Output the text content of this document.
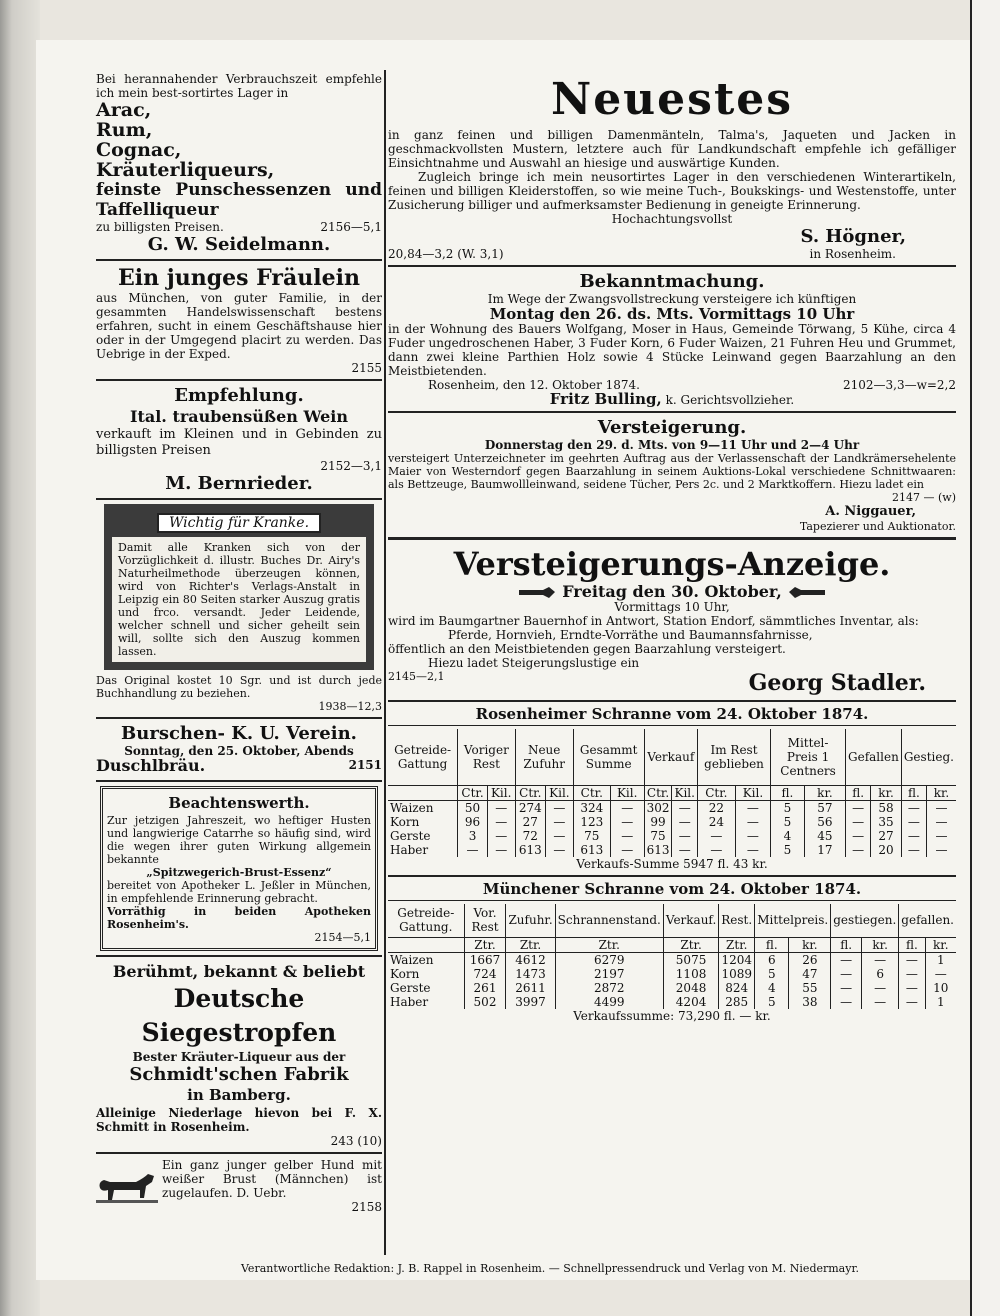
Bei herannahender Verbrauchszeit empfehle ich mein best-sortirtes Lager in

Arac,

Rum,

Cognac,

Kräuterliqueurs,

feinste Punschessenzen und Taffelliqueur

zu billigsten Preisen.	2156—5,1

G. W. Seidelmann.

Ein junges Fräulein

aus München, von guter Familie, in der gesammten Handelswissenschaft bestens erfahren, sucht in einem Geschäftshause hier oder in der Umgegend placirt zu werden. Das Uebrige in der Exped.

2155

Empfehlung.

Ital. traubensüßen Wein

verkauft im Kleinen und in Gebinden zu billigsten Preisen

2152—3,1

M. Bernrieder.

Wichtig für Kranke.

Damit alle Kranken sich von der Vorzüglichkeit d. illustr. Buches Dr. Airy's Naturheilmethode überzeugen können, wird von Richter's Verlags-Anstalt in Leipzig ein 80 Seiten starker Auszug gratis und frco. versandt. Jeder Leidende, welcher schnell und sicher geheilt sein will, sollte sich den Auszug kommen lassen.

Das Original kostet 10 Sgr. und ist durch jede Buchhandlung zu beziehen.

1938—12,3

Burschen- K. U. Verein.

Sonntag, den 25. Oktober, Abends

Duschlbräu.	2151

Beachtenswerth.

Zur jetzigen Jahreszeit, wo heftiger Husten und langwierige Catarrhe so häufig sind, wird die wegen ihrer guten Wirkung allgemein bekannte

„Spitzwegerich-Brust-Essenz“

bereitet von Apotheker L. Jeßler in München, in empfehlende Erinnerung gebracht.

Vorräthig in beiden Apotheken Rosenheim's.

2154—5,1

Berühmt, bekannt & beliebt

Deutsche Siegestropfen

Bester Kräuter-Liqueur aus der

Schmidt'schen Fabrik

in Bamberg.

Alleinige Niederlage hievon bei F. X. Schmitt in Rosenheim.

243 (10)

Ein ganz junger gelber Hund mit weißer Brust (Männchen) ist zugelaufen. D. Uebr.

2158

Neuestes

in ganz feinen und billigen Damenmänteln, Talma's, Jaqueten und Jacken in geschmackvollsten Mustern, letztere auch für Landkundschaft empfehle ich gefälliger Einsichtnahme und Auswahl an hiesige und auswärtige Kunden.

Zugleich bringe ich mein neusortirtes Lager in den verschiedenen Winterartikeln, feinen und billigen Kleiderstoffen, so wie meine Tuch-, Boukskings- und Westenstoffe, unter Zusicherung billiger und aufmerksamster Bedienung in geneigte Erinnerung.

Hochachtungsvollst

S. Högner,

20,84—3,2 (W. 3,1)	in Rosenheim.

Bekanntmachung.

Im Wege der Zwangsvollstreckung versteigere ich künftigen

Montag den 26. ds. Mts. Vormittags 10 Uhr

in der Wohnung des Bauers Wolfgang, Moser in Haus, Gemeinde Törwang, 5 Kühe, circa 4 Fuder ungedroschenen Haber, 3 Fuder Korn, 6 Fuder Waizen, 21 Fuhren Heu und Grummet, dann zwei kleine Parthien Holz sowie 4 Stücke Leinwand gegen Baarzahlung an den Meistbietenden.

Rosenheim, den 12. Oktober 1874.	2102—3,3—w=2,2

Fritz Bulling, k. Gerichtsvollzieher.

Versteigerung.

Donnerstag den 29. d. Mts. von 9—11 Uhr und 2—4 Uhr

versteigert Unterzeichneter im geehrten Auftrag aus der Verlassenschaft der Landkrämersehelente Maier von Westerndorf gegen Baarzahlung in seinem Auktions-Lokal verschiedene Schnittwaaren: als Bettzeuge, Baumwollleinwand, seidene Tücher, Pers 2c. und 2 Marktkoffern. Hiezu ladet ein

2147 — (w)

A. Niggauer,

Tapezierer und Auktionator.

Versteigerungs-Anzeige.

Freitag den 30. Oktober,

Vormittags 10 Uhr,

wird im Baumgartner Bauernhof in Antwort, Station Endorf, sämmtliches Inventar, als:

Pferde, Hornvieh, Erndte-Vorräthe und Baumannsfahrnisse,

öffentlich an den Meistbietenden gegen Baarzahlung versteigert.

Hiezu ladet Steigerungslustige ein

2145—2,1	Georg Stadler.

Rosenheimer Schranne vom 24. Oktober 1874.

Getreide-Gattung	Voriger Rest		Neue Zufuhr		Gesammt Summe		Verkauf		Im Rest geblieben		Mittel-Preis 1 Centners		Gefallen		Gestieg.	
	Ctr.	Kil.	Ctr.	Kil.	Ctr.	Kil.	Ctr.	Kil.	Ctr.	Kil.	fl.	kr.	fl.	kr.	fl.	kr.
Waizen	50	—	274	—	324	—	302	—	22	—	5	57	—	58	—	—
Korn	96	—	27	—	123	—	99	—	24	—	5	56	—	35	—	—
Gerste	3	—	72	—	75	—	75	—	—	—	4	45	—	27	—	—
Haber	—	—	613	—	613	—	613	—	—	—	5	17	—	20	—	—

Verkaufs-Summe 5947 fl. 43 kr.

Münchener Schranne vom 24. Oktober 1874.

Getreide-Gattung.	Vor. Rest	Zufuhr.	Schrannenstand.	Verkauf.	Rest.	Mittelpreis.		gestiegen.		gefallen.	
	Ztr.	Ztr.	Ztr.	Ztr.	Ztr.	fl.	kr.	fl.	kr.	fl.	kr.
Waizen	1667	4612	6279	5075	1204	6	26	—	—	—	1
Korn	724	1473	2197	1108	1089	5	47	—	6	—	—
Gerste	261	2611	2872	2048	824	4	55	—	—	—	10
Haber	502	3997	4499	4204	285	5	38	—	—	—	1

Verkaufssumme: 73,290 fl. — kr.

Verantwortliche Redaktion: J. B. Rappel in Rosenheim. — Schnellpressendruck und Verlag von M. Niedermayr.
